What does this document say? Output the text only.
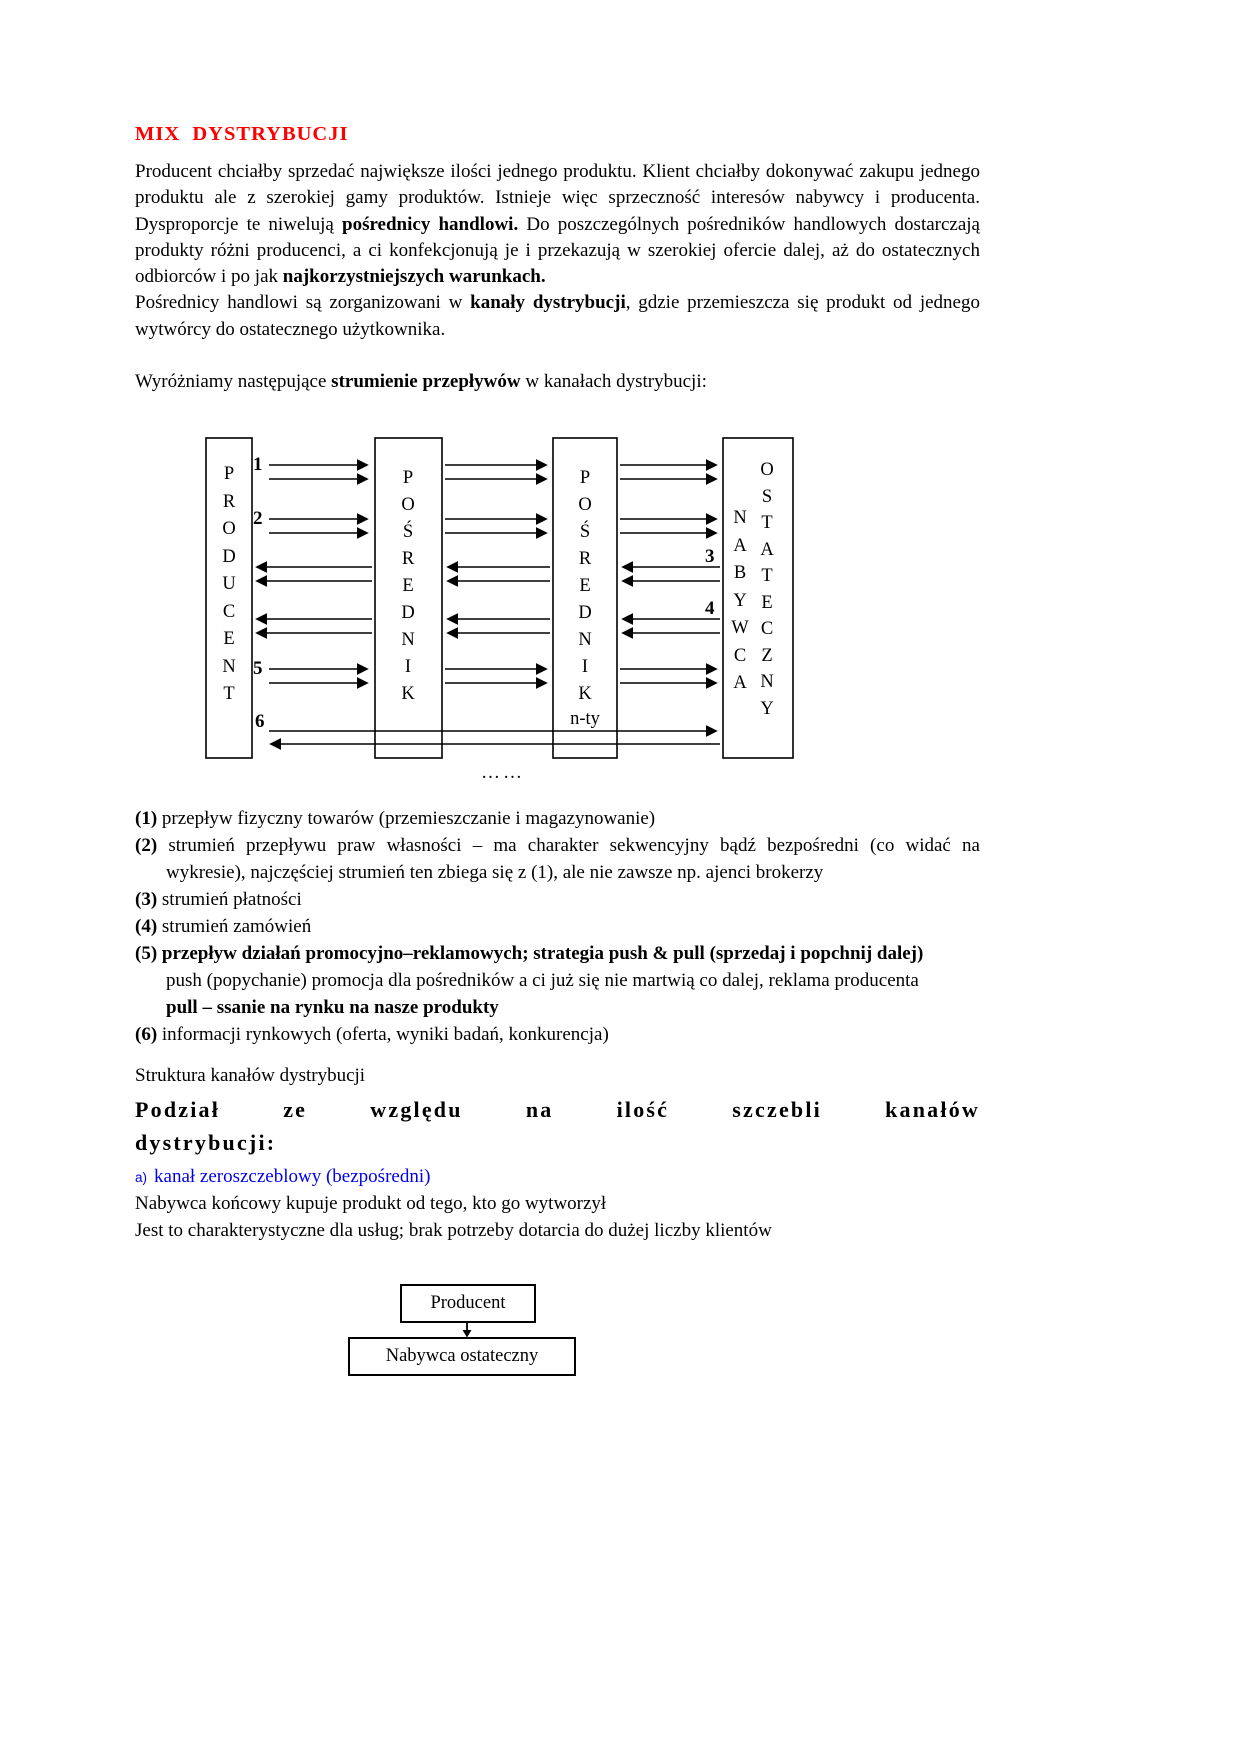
MIX  DYSTRYBUCJI

Producent chciałby sprzedać największe ilości jednego produktu. Klient chciałby dokonywać zakupu jednego produktu ale z szerokiej gamy produktów. Istnieje więc sprzeczność interesów nabywcy i producenta. Dysproporcje te niwelują pośrednicy handlowi. Do poszczególnych pośredników handlowych dostarczają produkty różni producenci, a ci konfekcjonują je i przekazują w szerokiej ofercie dalej, aż do ostatecznych odbiorców i po jak najkorzystniejszych warunkach.

Pośrednicy handlowi są zorganizowani w kanały dystrybucji, gdzie przemieszcza się produkt od jednego wytwórcy do ostatecznego użytkownika.

Wyróżniamy następujące strumienie przepływów w kanałach dystrybucji:

1
2
3
4
5
6
……
P
R
O
D
U
C
E
N
T
P
O
Ś
R
E
D
N
I
K
P
O
Ś
R
E
D
N
I
K
n-ty
N
A
B
Y
W
C
A
O
S
T
A
T
E
C
Z
N
Y

(1) przepływ fizyczny towarów (przemieszczanie i magazynowanie)

(2) strumień przepływu praw własności – ma charakter sekwencyjny bądź bezpośredni (co widać na wykresie), najczęściej strumień ten zbiega się z (1), ale nie zawsze np. ajenci brokerzy

(3) strumień płatności

(4) strumień zamówień

(5) przepływ działań promocyjno–reklamowych; strategia push & pull (sprzedaj i popchnij dalej)

push (popychanie) promocja dla pośredników a ci już się nie martwią co dalej, reklama producenta

pull – ssanie na rynku na nasze produkty

(6) informacji rynkowych (oferta, wyniki badań, konkurencja)

Struktura kanałów dystrybucji

Podział ze względu na ilość szczebli kanałów
dystrybucji:
a) kanał zeroszczeblowy (bezpośredni)

Nabywca końcowy kupuje produkt od tego, kto go wytworzył

Jest to charakterystyczne dla usług; brak potrzeby dotarcia do dużej liczby klientów

Producent
Nabywca ostateczny
